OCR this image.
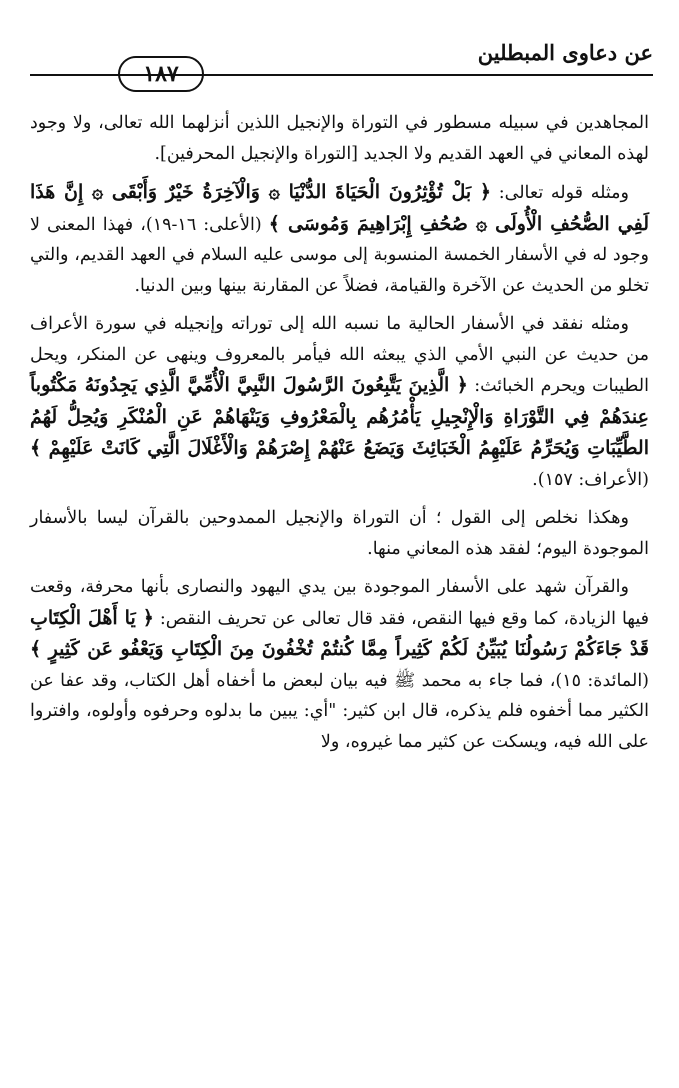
عن دعاوى المبطلين
١٨٧

المجاهدين في سبيله مسطور في التوراة والإنجيل اللذين أنزلهما الله تعالى، ولا وجود لهذه المعاني في العهد القديم ولا الجديد [التوراة والإنجيل المحرفين].

ومثله قوله تعالى: ﴿ بَلْ تُؤْثِرُونَ الْحَيَاةَ الدُّنْيَا ۞ وَالْآخِرَةُ خَيْرٌ وَأَبْقَى ۞ إِنَّ هَذَا لَفِي الصُّحُفِ الْأُولَى ۞ صُحُفِ إِبْرَاهِيمَ وَمُوسَى ﴾ (الأعلى: ١٦-١٩)، فهذا المعنى لا وجود له في الأسفار الخمسة المنسوبة إلى موسى عليه السلام في العهد القديم، والتي تخلو من الحديث عن الآخرة والقيامة، فضلاً عن المقارنة بينها وبين الدنيا.

ومثله نفقد في الأسفار الحالية ما نسبه الله إلى توراته وإنجيله في سورة الأعراف من حديث عن النبي الأمي الذي يبعثه الله فيأمر بالمعروف وينهى عن المنكر، ويحل الطيبات ويحرم الخبائث: ﴿ الَّذِينَ يَتَّبِعُونَ الرَّسُولَ النَّبِيَّ الْأُمِّيَّ الَّذِي يَجِدُونَهُ مَكْتُوباً عِندَهُمْ فِي التَّوْرَاةِ وَالْإِنْجِيلِ يَأْمُرُهُم بِالْمَعْرُوفِ وَيَنْهَاهُمْ عَنِ الْمُنْكَرِ وَيُحِلُّ لَهُمُ الطَّيِّبَاتِ وَيُحَرِّمُ عَلَيْهِمُ الْخَبَائِثَ وَيَضَعُ عَنْهُمْ إِصْرَهُمْ وَالْأَغْلَالَ الَّتِي كَانَتْ عَلَيْهِمْ ﴾ (الأعراف: ١٥٧).

وهكذا نخلص إلى القول ؛ أن التوراة والإنجيل الممدوحين بالقرآن ليسا بالأسفار الموجودة اليوم؛ لفقد هذه المعاني منها.

والقرآن شهد على الأسفار الموجودة بين يدي اليهود والنصارى بأنها محرفة، وقعت فيها الزيادة، كما وقع فيها النقص، فقد قال تعالى عن تحريف النقص: ﴿ يَا أَهْلَ الْكِتَابِ قَدْ جَاءَكُمْ رَسُولُنَا يُبَيِّنُ لَكُمْ كَثِيراً مِمَّا كُنتُمْ تُخْفُونَ مِنَ الْكِتَابِ وَيَعْفُو عَن كَثِيرٍ ﴾ (المائدة: ١٥)، فما جاء به محمد ﷺ فيه بيان لبعض ما أخفاه أهل الكتاب، وقد عفا عن الكثير مما أخفوه فلم يذكره، قال ابن كثير: "أي: يبين ما بدلوه وحرفوه وأولوه، وافتروا على الله فيه، ويسكت عن كثير مما غيروه، ولا
